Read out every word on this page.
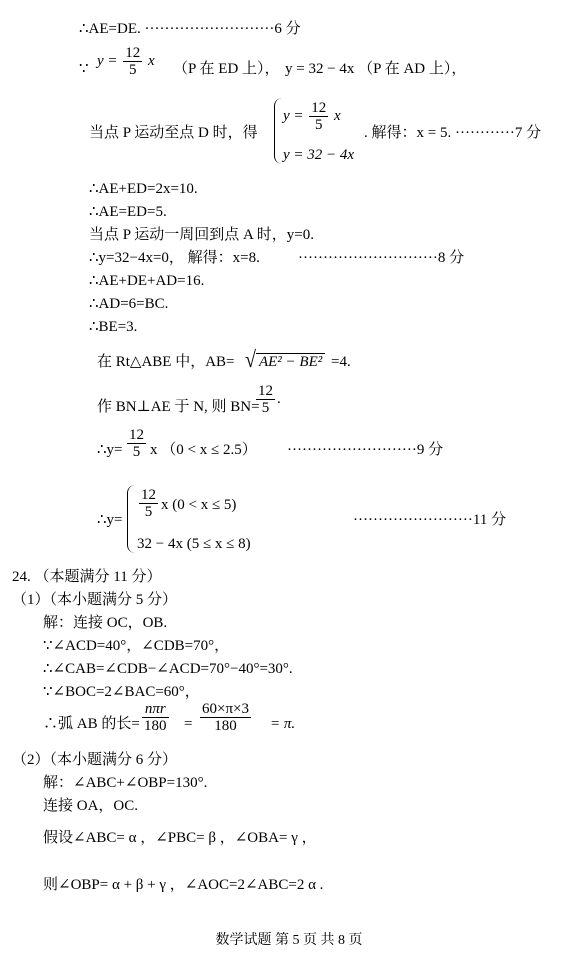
∴AE=DE. ··························6 分
∵
$y = \frac{12}{5}$ x
（P 在 ED 上）， y = 32 − 4x （P 在 AD 上），
当点 P 运动至点 D 时，得
$y = \frac{12}{5}$ x
y = 32 − 4x
. 解得：x = 5. ············7 分
∴AE+ED=2x=10.
∴AE=ED=5.
当点 P 运动一周回到点 A 时，y=0.
∴y=32−4x=0， 解得：x=8.	····························8 分
∴AE+DE+AD=16.
∴AD=6=BC.
∴BE=3.
在 Rt△ABE 中，AB= √ AE² − BE² =4.
作 BN⊥AE 于 N, 则 BN=
$\frac{12}{5}$ .
∴y= $\frac{12}{5}$ x （0 < x ≤ 2.5） ··························9 分
∴y= $\frac{12}{5}$ x (0 < x ≤ 5)
32 − 4x (5 ≤ x ≤ 8)
························11 分
24. （本题满分 11 分）
（1）（本小题满分 5 分）
解：连接 OC，OB.
∵∠ACD=40°，∠CDB=70°，
∴∠CAB=∠CDB−∠ACD=70°−40°=30°.
∵∠BOC=2∠BAC=60°，
∴弧 AB 的长= $\frac{\text{nπr}}{180} = \frac{60\times\pi\times 3}{180} = \pi$.
（2）（本小题满分 6 分）
解：∠ABC+∠OBP=130°.
连接 OA，OC.
假设∠ABC= α ，∠PBC= β ，∠OBA= γ ，
则∠OBP= α + β + γ ，∠AOC=2∠ABC=2 α .
数学试题 第 5 页 共 8 页
